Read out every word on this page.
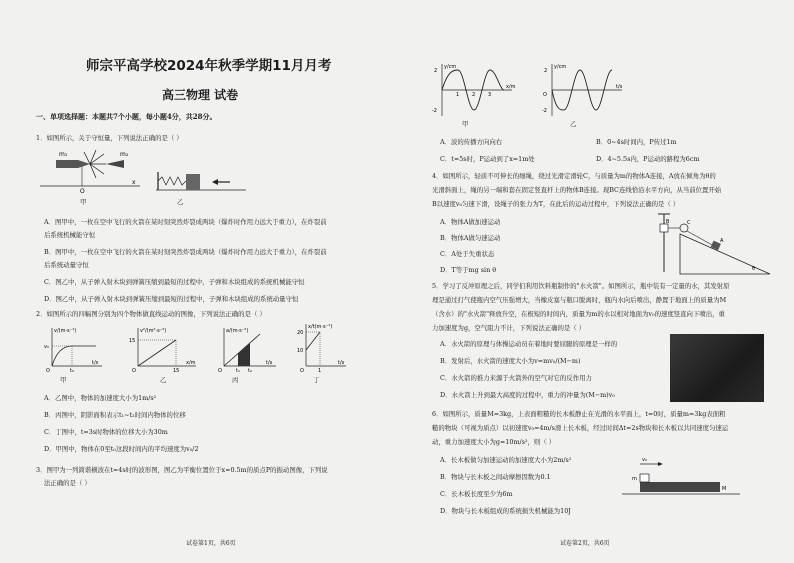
师宗平高学校2024年秋季学期11月月考
高三物理 试卷
一、单项选择题：本题共7个小题，每小题4分，共28分。
1．如图所示，关于守恒量，下列说法正确的是（ ）
m₁	m₂
O
x
甲	乙
A．图甲中，一枚在空中飞行的火箭在某时刻突然炸裂成两块（爆炸时作用力远大于重力），在炸裂前
后系统机械能守恒
B．图甲中，一枚在空中飞行的火箭在某时刻突然炸裂成两块（爆炸时作用力远大于重力），在炸裂前
后系统动量守恒
C．图乙中，从子弹入射木块到弹簧压缩到最短的过程中，子弹和木块组成的系统机械能守恒
D．图乙中，从子弹入射木块到弹簧压缩到最短的过程中，子弹和木块组成的系统动量守恒
2．如图所示的四幅图分别为四个物体做直线运动的图像，下列说法正确的是（ ）
v/(m·s⁻¹)
v₀
O	t₀
t/s
甲
v²/(m²·s⁻²)
15
O	15
x/m
乙
a/(m·s⁻²)
O	t₁ t₂
t/s
丙
x/t(m·s⁻¹)
20
10
O	1
t/s
丁
A．乙图中，物体的加速度大小为1m/s²
B．丙图中，阴影面积表示t₁~t₂时间内物体的位移
C．丁图中，t=3s时物体的位移大小为30m
D．甲图中，物体在0至t₀这段时间内的平均速度为v₀/2
3．图甲为一列简谐横波在t=4s时的波形图，图乙为平衡位置位于x=0.5m的质点P的振动图像，下列说
法正确的是（ ）
试卷第1页，共6页
y/cm
2
-2
x/m
1	2	3
甲
y/cm
2
-2
t/s
O
乙
A．波的传播方向向右	B．0~4s时间内，P传过1m
C．t=5s时，P运动到了x=1m处	D．4~5.5s内，P运动的路程为6cm
4．如图所示，轻质不可伸长的细绳，绕过光滑定滑轮C，与质量为m的物体A连接，A放在倾角为θ的
光滑斜面上，绳的另一端和套在固定竖直杆上的物体B连接。现BC连线恰沿水平方向，从当前位置开始
B以速度v₀匀速下滑，设绳子的张力为T，在此后的运动过程中，下列说法正确的是（ ）
B	C
A
θ
A．物体A做加速运动
B．物体A做匀速运动
C．A处于失重状态
D．T等于mg sin θ
5．学习了反冲原理之后，同学们利用饮料瓶制作的"水火箭"。如图所示，瓶中装有一定量的水，其发射原
理是通过打气使瓶内空气压强增大，当橡皮塞与瓶口脱离时，瓶内水向后喷出，静置于地面上的质量为M
（含水）的"水火箭"释放升空，在极短的时间内，质量为m的水以相对地面为v₀的速度竖直向下喷出，重
力加速度为g，空气阻力不计，下列说法正确的是（ ）
A．水火箭的原理与体操运动员在着地时要屈腿的原理是一样的
B．发射后，水火箭的速度大小为v=mv₀/(M−m)
C．水火箭的推力来源于火箭外的空气对它的反作用力
D．水火箭上升到最大高度的过程中，重力的冲量为(M−m)v₀
6．如图所示，质量M=3kg，上表面粗糙的长木板静止在光滑的水平面上，t=0时，质量m=3kg表面粗
糙的物块（可视为质点）以初速度v₀=4m/s滑上长木板，经过时间Δt=2s物块和长木板以共同速度匀速运
动，重力加速度大小为g=10m/s²，则（ ）
v₀
m
M
A．长木板做匀加速运动的加速度大小为2m/s²
B．物块与长木板之间动摩擦因数为0.1
C．长木板长度至少为6m
D．物块与长木板组成的系统损失机械能为10J
试卷第2页，共6页
